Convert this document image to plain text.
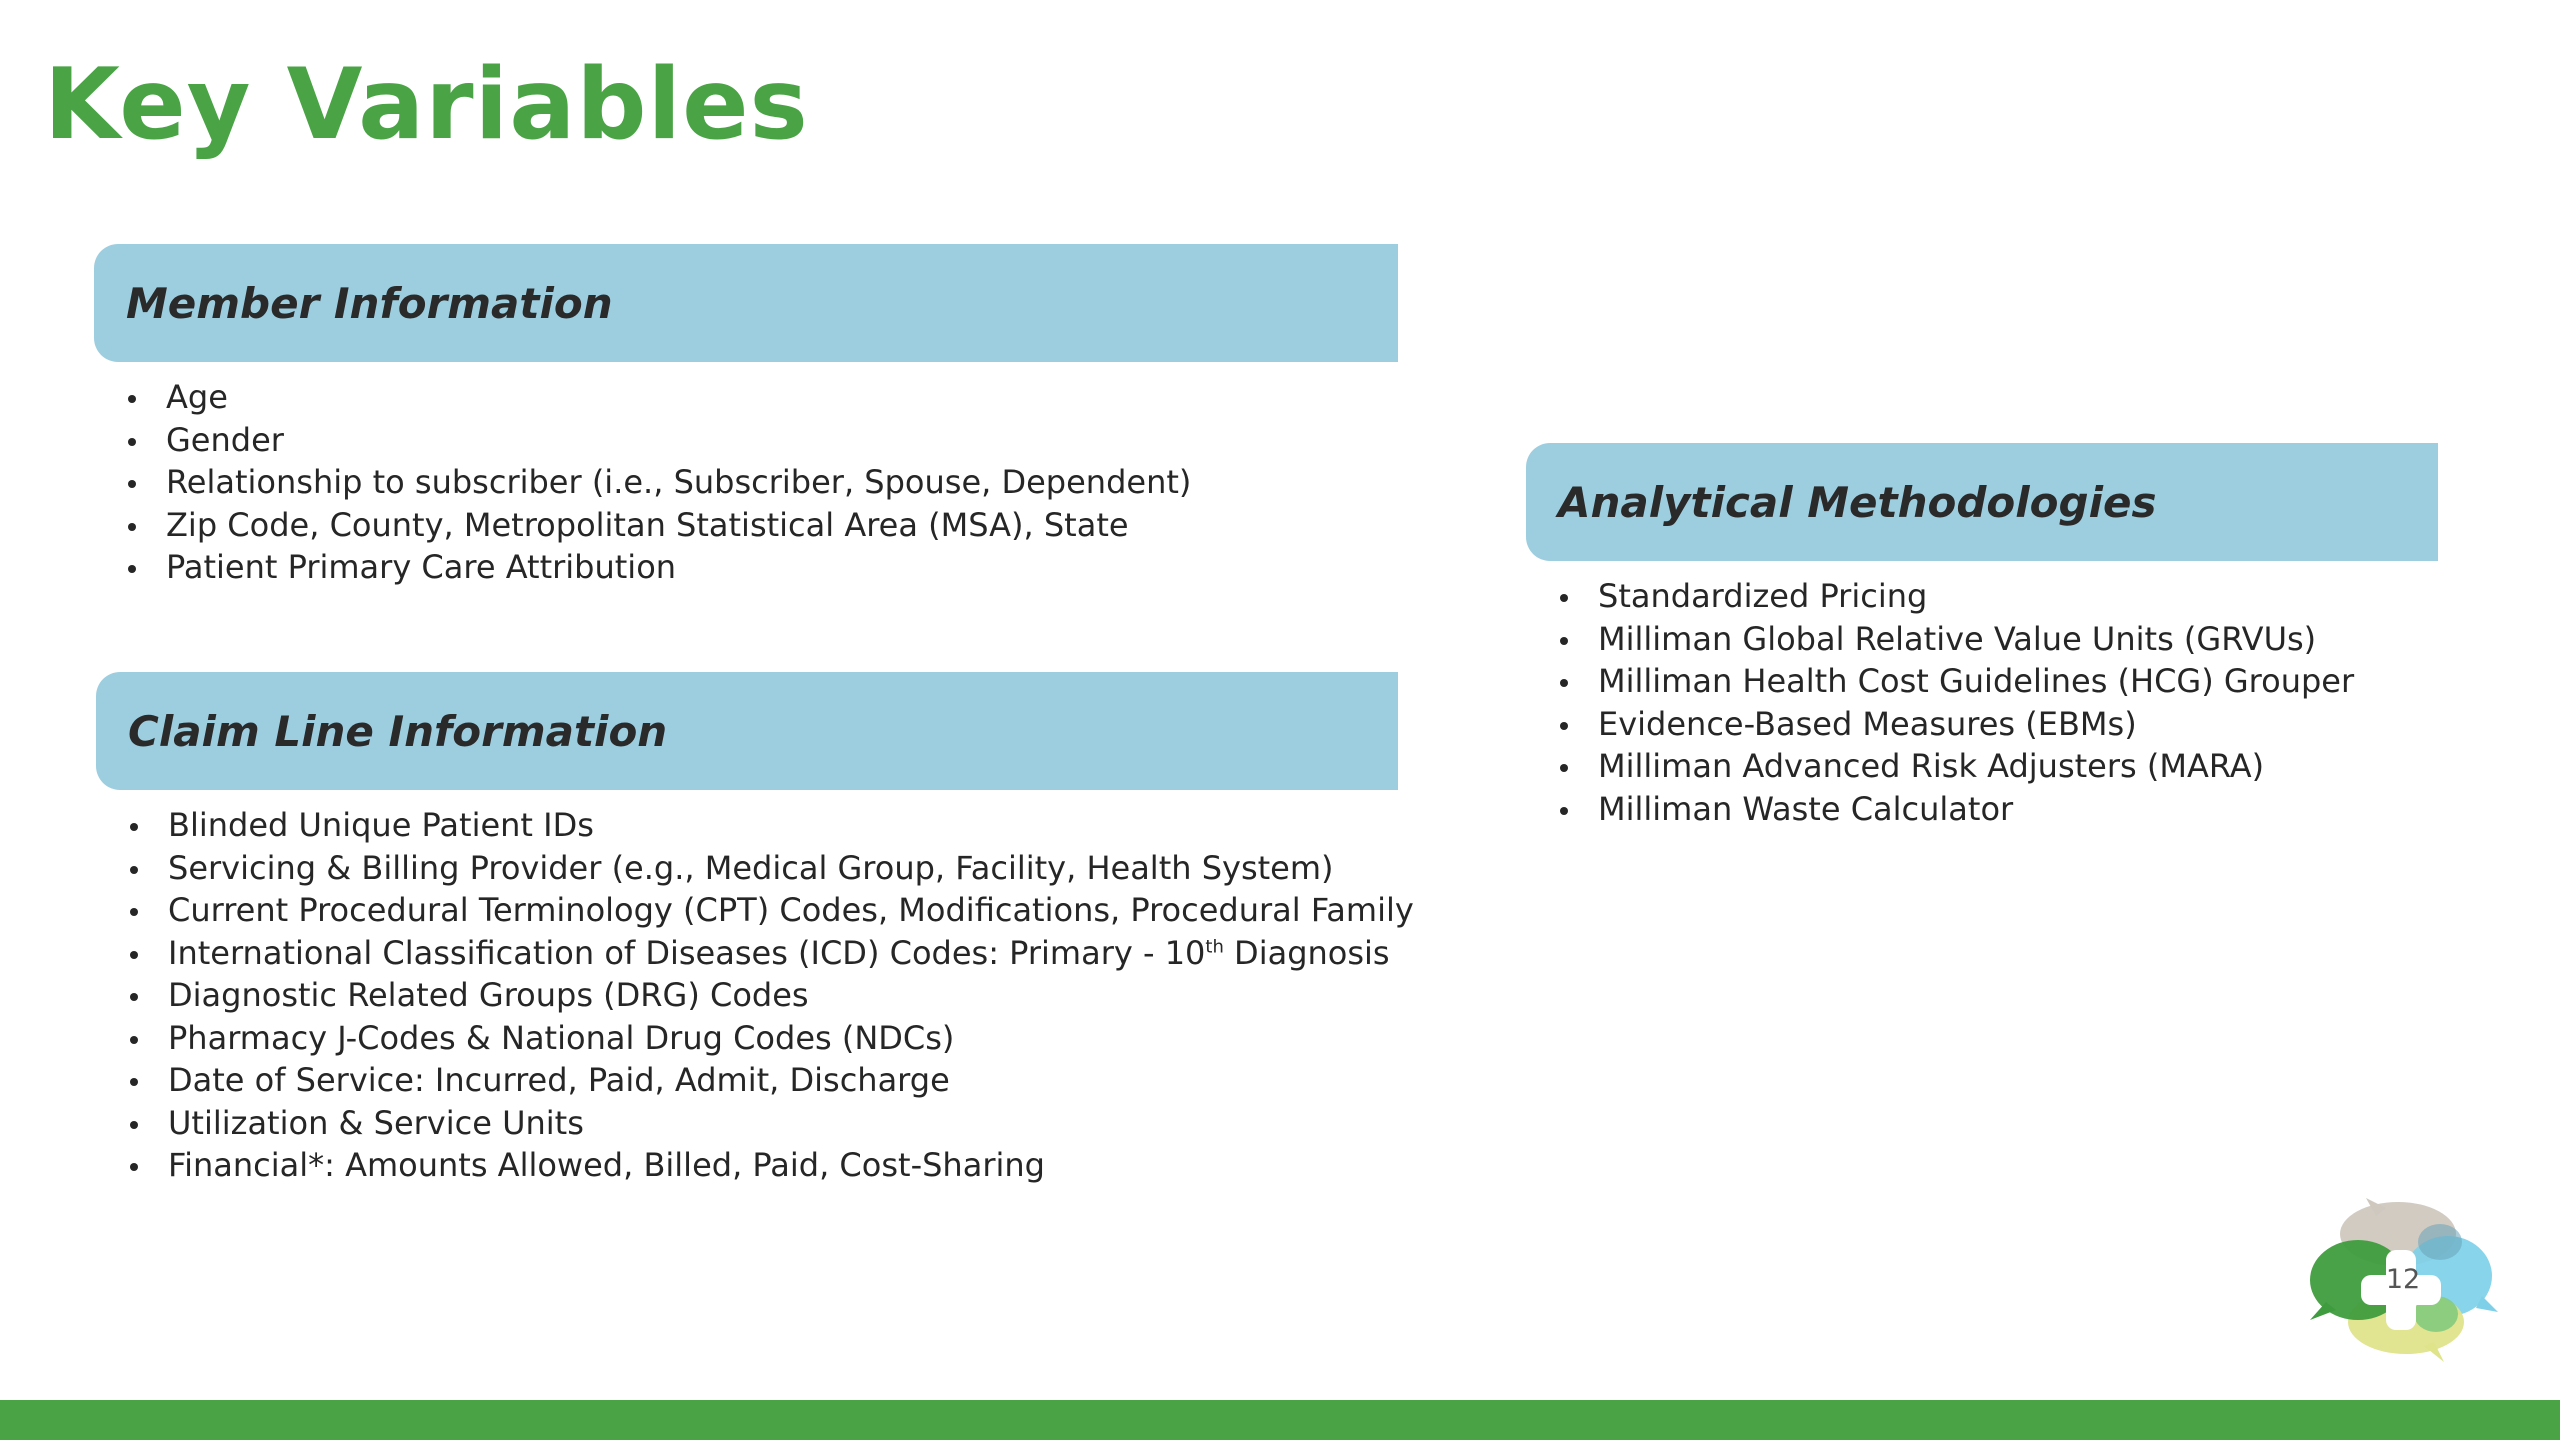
Key Variables
Member Information
Age
Gender
Relationship to subscriber (i.e., Subscriber, Spouse, Dependent)
Zip Code, County, Metropolitan Statistical Area (MSA), State
Patient Primary Care Attribution
Claim Line Information
Blinded Unique Patient IDs
Servicing & Billing Provider (e.g., Medical Group, Facility, Health System)
Current Procedural Terminology (CPT) Codes, Modifications, Procedural Family
International Classification of Diseases (ICD) Codes: Primary - 10th Diagnosis
Diagnostic Related Groups (DRG) Codes
Pharmacy J-Codes & National Drug Codes (NDCs)
Date of Service: Incurred, Paid, Admit, Discharge
Utilization & Service Units
Financial*: Amounts Allowed, Billed, Paid, Cost-Sharing
Analytical Methodologies
Standardized Pricing
Milliman Global Relative Value Units (GRVUs)
Milliman Health Cost Guidelines (HCG) Grouper
Evidence-Based Measures (EBMs)
Milliman Advanced Risk Adjusters (MARA)
Milliman Waste Calculator
12
